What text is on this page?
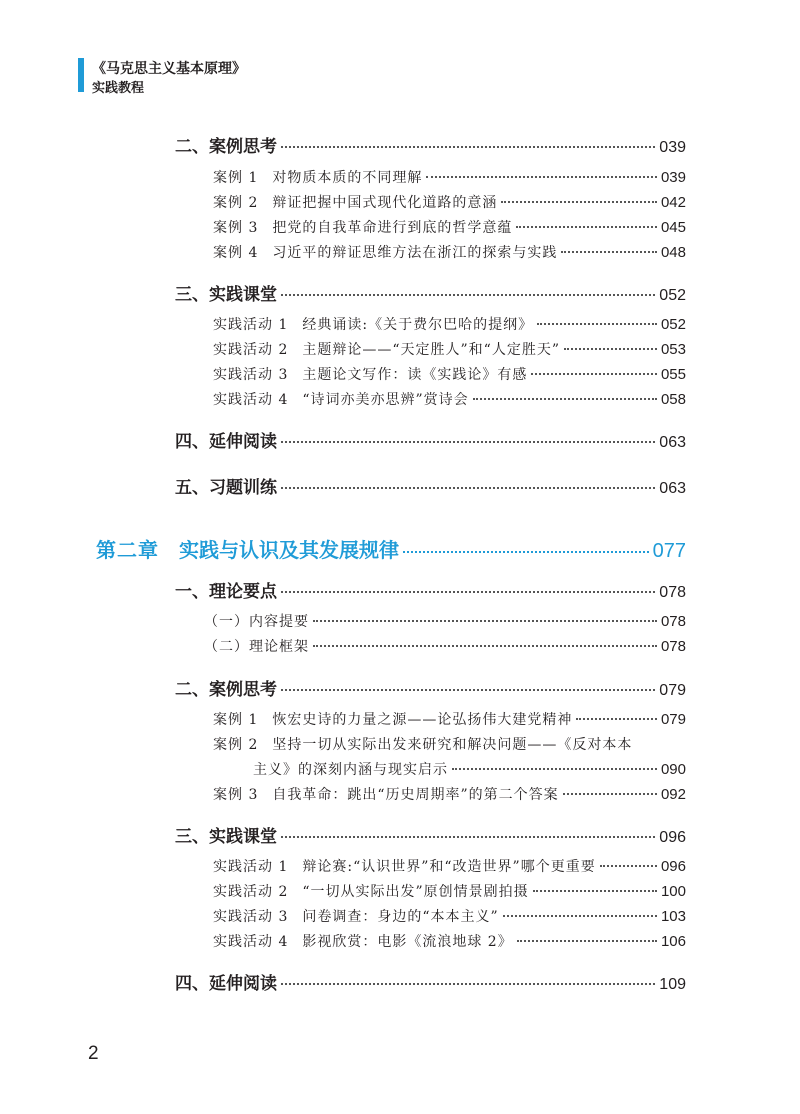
《马克思主义基本原理》
实践教程
二、案例思考	039
案例 1 对物质本质的不同理解	039
案例 2 辩证把握中国式现代化道路的意涵	042
案例 3 把党的自我革命进行到底的哲学意蕴	045
案例 4 习近平的辩证思维方法在浙江的探索与实践	048
三、实践课堂	052
实践活动 1 经典诵读:《关于费尔巴哈的提纲》	052
实践活动 2 主题辩论——“天定胜人”和“人定胜天”	053
实践活动 3 主题论文写作：读《实践论》有感	055
实践活动 4 “诗词亦美亦思辨”赏诗会	058
四、延伸阅读	063
五、习题训练	063
第二章 实践与认识及其发展规律	077
一、理论要点	078
（一）内容提要	078
（二）理论框架	078
二、案例思考	079
案例 1 恢宏史诗的力量之源——论弘扬伟大建党精神	079
案例 2 坚持一切从实际出发来研究和解决问题——《反对本本
主义》的深刻内涵与现实启示	090
案例 3 自我革命：跳出“历史周期率”的第二个答案	092
三、实践课堂	096
实践活动 1 辩论赛:“认识世界”和“改造世界”哪个更重要	096
实践活动 2 “一切从实际出发”原创情景剧拍摄	100
实践活动 3 问卷调查：身边的“本本主义”	103
实践活动 4 影视欣赏：电影《流浪地球 2》	106
四、延伸阅读	109
2
